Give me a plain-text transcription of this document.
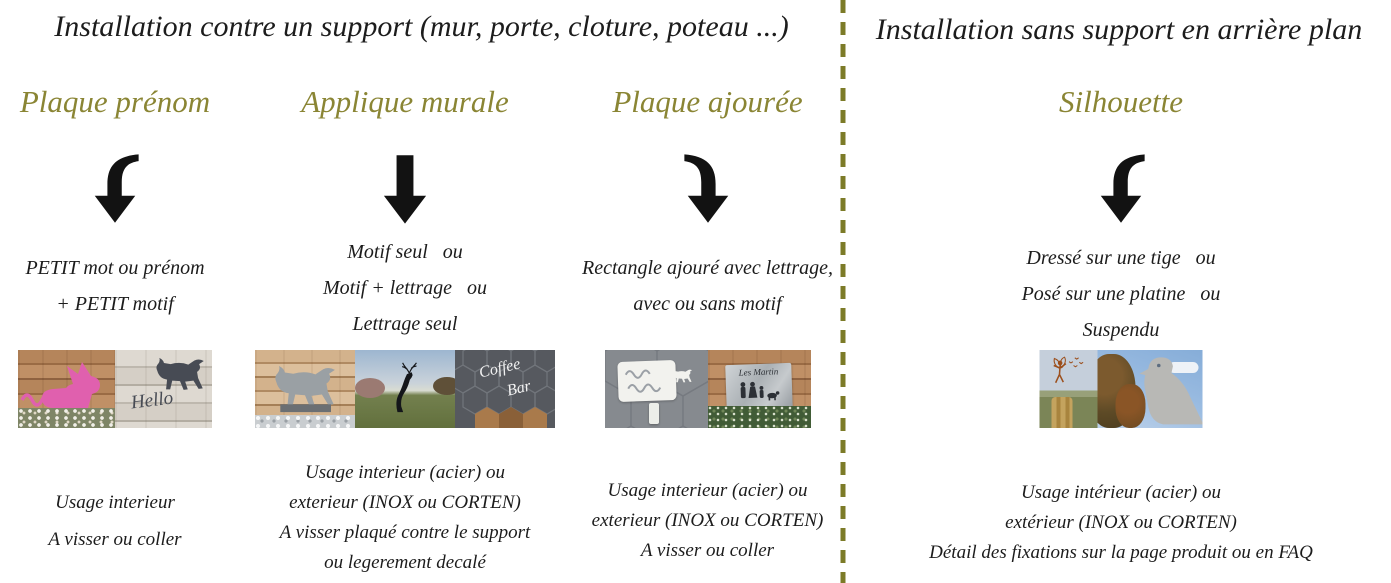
Installation contre un support (mur, porte, cloture, poteau ...)	Installation sans support en arrière plan
Plaque prénom
PETIT mot ou prénom
+ PETIT motif
Hello
Usage interieur
A visser ou coller
Applique murale
Motif seul   ou
Motif + lettrage   ou
Lettrage seul
Coffee
Bar
Usage interieur (acier) ou
exterieur (INOX ou CORTEN)
A visser plaqué contre le support
ou legerement decalé
Plaque ajourée
Rectangle ajouré avec lettrage,
avec ou sans motif
Les Martin
Usage interieur (acier) ou
exterieur (INOX ou CORTEN)
A visser ou coller
Silhouette
Dressé sur une tige   ou
Posé sur une platine   ou
Suspendu
Usage intérieur (acier) ou
extérieur (INOX ou CORTEN)
Détail des fixations sur la page produit ou en FAQ
